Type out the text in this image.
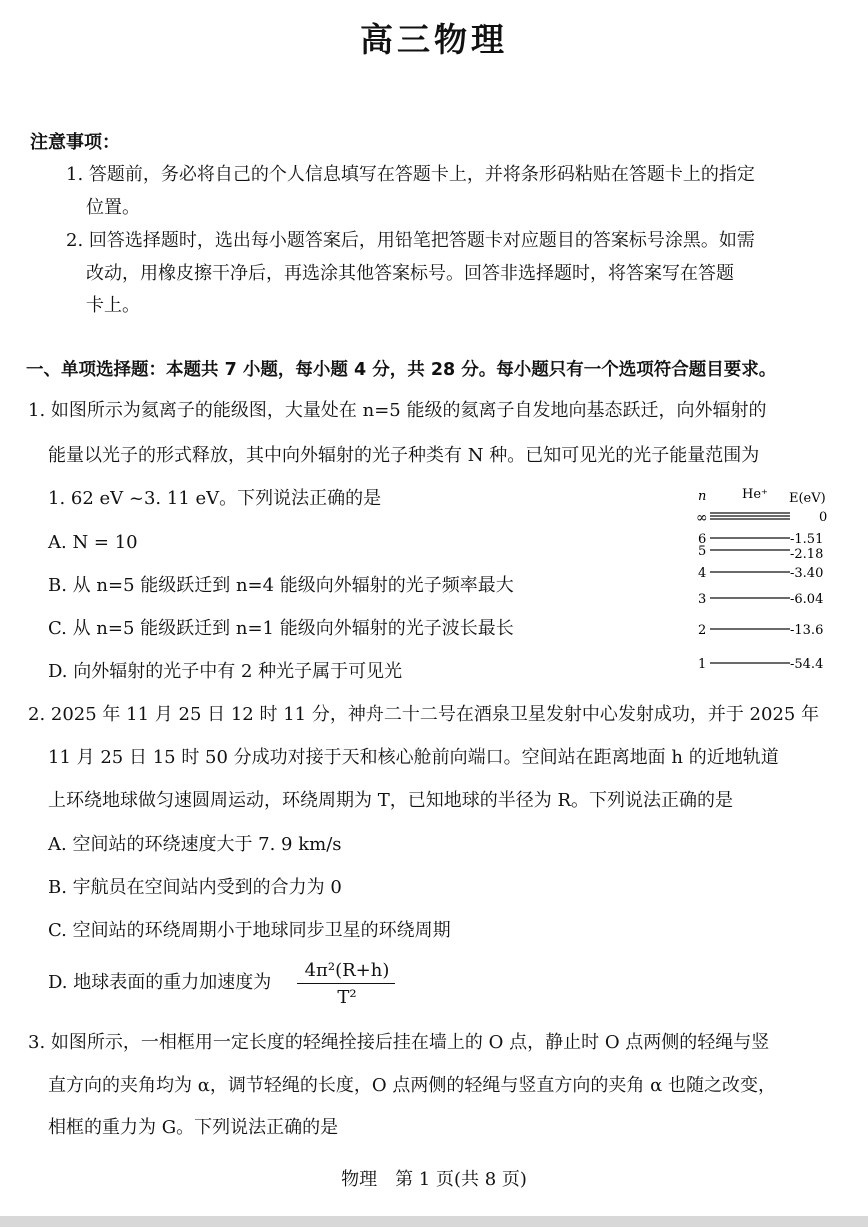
高三物理
注意事项：
1. 答题前，务必将自己的个人信息填写在答题卡上，并将条形码粘贴在答题卡上的指定
位置。
2. 回答选择题时，选出每小题答案后，用铅笔把答题卡对应题目的答案标号涂黑。如需
改动，用橡皮擦干净后，再选涂其他答案标号。回答非选择题时，将答案写在答题
卡上。
一、单项选择题：本题共 7 小题，每小题 4 分，共 28 分。每小题只有一个选项符合题目要求。
1. 如图所示为氦离子的能级图，大量处在 n=5 能级的氦离子自发地向基态跃迁，向外辐射的
能量以光子的形式释放，其中向外辐射的光子种类有 N 种。已知可见光的光子能量范围为
1. 62 eV ~3. 11 eV。下列说法正确的是
A. N = 10
B. 从 n=5 能级跃迁到 n=4 能级向外辐射的光子频率最大
C. 从 n=5 能级跃迁到 n=1 能级向外辐射的光子波长最长
D. 向外辐射的光子中有 2 种光子属于可见光
n	He⁺ E(eV)
∞	0
6	-1.51
5	-2.18
4	-3.40
3	-6.04
2	-13.6
1	-54.4
2. 2025 年 11 月 25 日 12 时 11 分，神舟二十二号在酒泉卫星发射中心发射成功，并于 2025 年
11 月 25 日 15 时 50 分成功对接于天和核心舱前向端口。空间站在距离地面 h 的近地轨道
上环绕地球做匀速圆周运动，环绕周期为 T，已知地球的半径为 R。下列说法正确的是
A. 空间站的环绕速度大于 7. 9 km/s
B. 宇航员在空间站内受到的合力为 0
C. 空间站的环绕周期小于地球同步卫星的环绕周期
D. 地球表面的重力加速度为
4π²(R+h)
T²
3. 如图所示，一相框用一定长度的轻绳拴接后挂在墙上的 O 点，静止时 O 点两侧的轻绳与竖
直方向的夹角均为 α，调节轻绳的长度，O 点两侧的轻绳与竖直方向的夹角 α 也随之改变，
相框的重力为 G。下列说法正确的是
物理　第 1 页(共 8 页)
